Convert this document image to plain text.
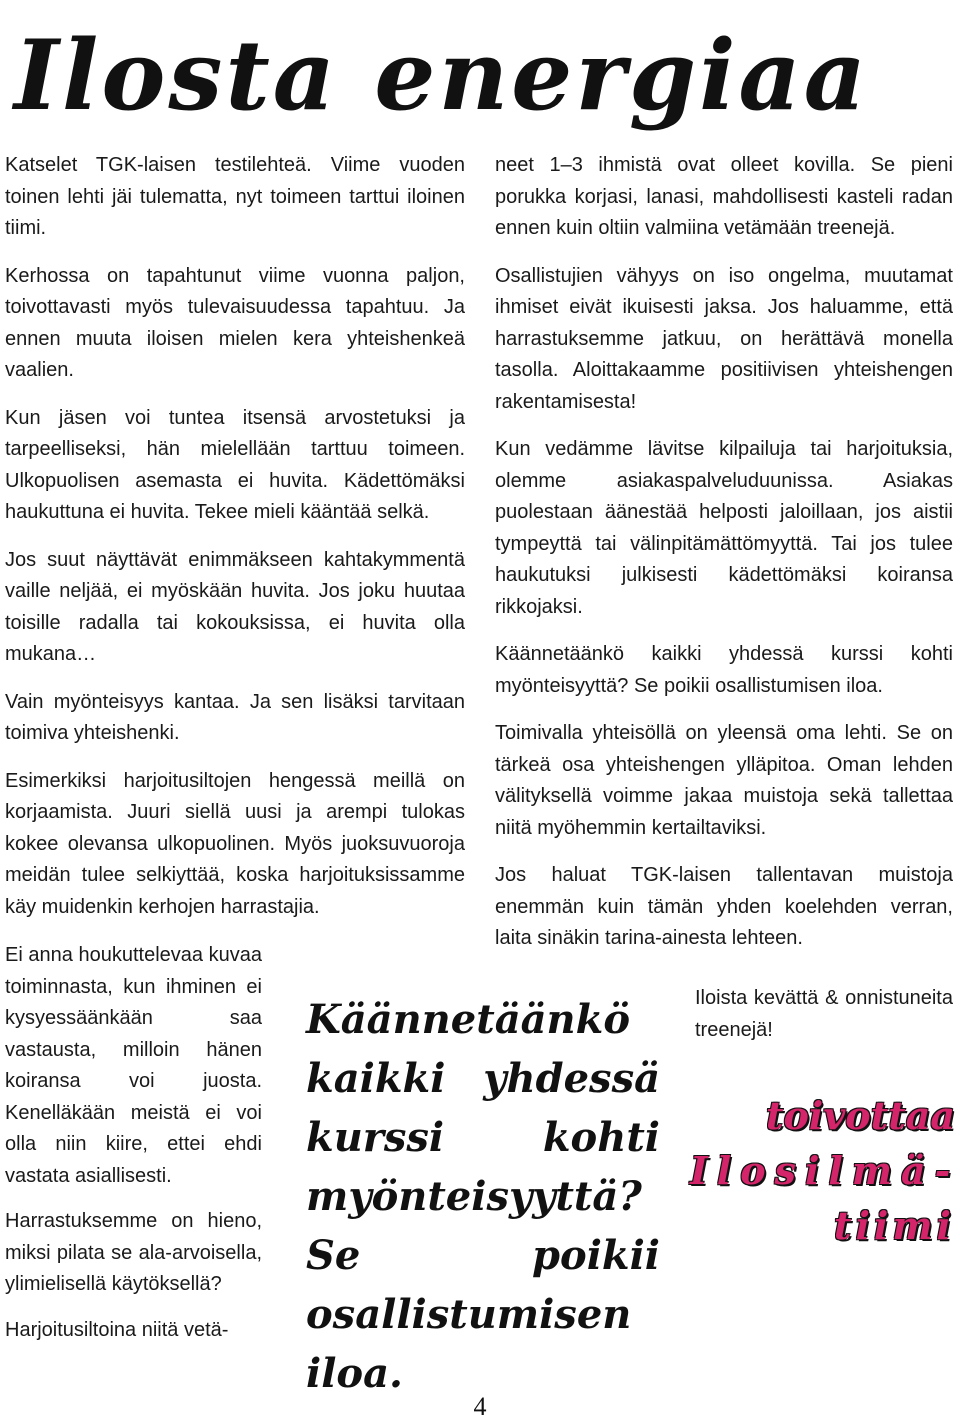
Ilosta energiaa

Katselet TGK-laisen testilehteä. Viime vuoden toinen lehti jäi tulematta, nyt toimeen tarttui iloinen tiimi.

Kerhossa on tapahtunut viime vuonna paljon, toivottavasti myös tulevaisuudessa tapahtuu. Ja ennen muuta iloisen mielen kera yhteishenkeä vaalien.

Kun jäsen voi tuntea itsensä arvostetuksi ja tarpeelliseksi, hän mielellään tarttuu toimeen. Ulkopuolisen asemasta ei huvita. Kädettömäksi haukuttuna ei huvita. Tekee mieli kääntää selkä.

Jos suut näyttävät enimmäkseen kahtakymmentä vaille neljää, ei myöskään huvita. Jos joku huutaa toisille radalla tai kokouksissa, ei huvita olla mukana…

Vain myönteisyys kantaa. Ja sen lisäksi tarvitaan toimiva yhteishenki.

Esimerkiksi harjoitusiltojen hengessä meillä on korjaamista. Juuri siellä uusi ja arempi tulokas kokee olevansa ulkopuolinen. Myös juoksuvuoroja meidän tulee selkiyttää, koska harjoituksissamme käy muidenkin kerhojen harrastajia.

Ei anna houkuttelevaa kuvaa toiminnasta, kun ihminen ei kysyessäänkään saa vastausta, milloin hänen koiransa voi juosta. Kenelläkään meistä ei voi olla niin kiire, ettei ehdi vastata asiallisesti.

Harrastuksemme on hieno, miksi pilata se ala-arvoisella, ylimielisellä käytöksellä?

Harjoitusiltoina niitä vetä-

neet 1–3 ihmistä ovat olleet kovilla. Se pieni porukka korjasi, lanasi, mahdollisesti kasteli radan ennen kuin oltiin valmiina vetämään treenejä.

Osallistujien vähyys on iso ongelma, muutamat ihmiset eivät ikuisesti jaksa. Jos haluamme, että harrastuksemme jatkuu, on herättävä monella tasolla. Aloittakaamme positiivisen yhteishengen rakentamisesta!

Kun vedämme lävitse kilpailuja tai harjoituksia, olemme asiakaspalveluduunissa. Asiakas puolestaan äänestää helposti jaloillaan, jos aistii tympeyttä tai välinpitämättömyyttä. Tai jos tulee haukutuksi julkisesti kädettömäksi koiransa rikkojaksi.

Käännetäänkö kaikki yhdessä kurssi kohti myönteisyyttä? Se poikii osallistumisen iloa.

Toimivalla yhteisöllä on yleensä oma lehti. Se on tärkeä osa yhteishengen ylläpitoa. Oman lehden välityksellä voimme jakaa muistoja sekä tallettaa niitä myöhemmin kertailtaviksi.

Jos haluat TGK-laisen tallentavan muistoja enemmän kuin tämän yhden koelehden verran, laita sinäkin tarina-ainesta lehteen.

Käännetäänkö kaikki yhdessä kurssi kohti myönteisyyttä? Se poikii osallistumisen iloa.
Iloista kevättä & onnistuneita treenejä!
toivottaa
Ilosilmä-
tiimi
4
